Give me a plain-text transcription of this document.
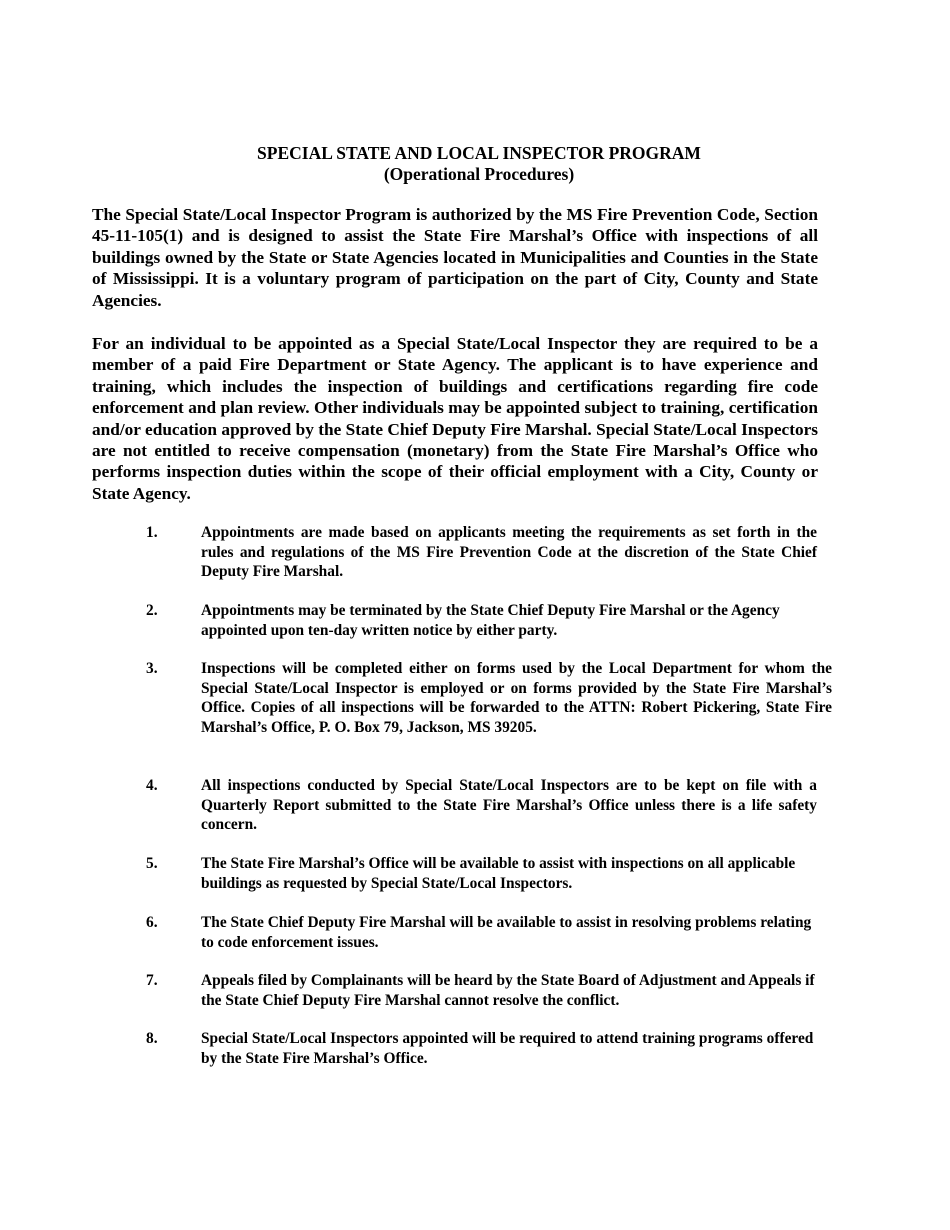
SPECIAL STATE AND LOCAL INSPECTOR PROGRAM
(Operational Procedures)

The Special State/Local Inspector Program is authorized by the MS Fire Prevention Code, Section 45-11-105(1) and is designed to assist the State Fire Marshal’s Office with inspections of all buildings owned by the State or State Agencies located in Municipalities and Counties in the State of Mississippi. It is a voluntary program of participation on the part of City, County and State Agencies.

For an individual to be appointed as a Special State/Local Inspector they are required to be a member of a paid Fire Department or State Agency. The applicant is to have experience and training, which includes the inspection of buildings and certifications regarding fire code enforcement and plan review. Other individuals may be appointed subject to training, certification and/or education approved by the State Chief Deputy Fire Marshal. Special State/Local Inspectors are not entitled to receive compensation (monetary) from the State Fire Marshal’s Office who performs inspection duties within the scope of their official employment with a City, County or State Agency.

1.	Appointments are made based on applicants meeting the requirements as set forth in the rules and regulations of the MS Fire Prevention Code at the discretion of the State Chief Deputy Fire Marshal.
2.	Appointments may be terminated by the State Chief Deputy Fire Marshal or the Agency appointed upon ten-day written notice by either party.
3.	Inspections will be completed either on forms used by the Local Department for whom the Special State/Local Inspector is employed or on forms provided by the State Fire Marshal’s Office. Copies of all inspections will be forwarded to the ATTN: Robert Pickering, State Fire Marshal’s Office, P. O. Box 79, Jackson, MS 39205.
4.	All inspections conducted by Special State/Local Inspectors are to be kept on file with a Quarterly Report submitted to the State Fire Marshal’s Office unless there is a life safety concern.
5.	The State Fire Marshal’s Office will be available to assist with inspections on all applicable buildings as requested by Special State/Local Inspectors.
6.	The State Chief Deputy Fire Marshal will be available to assist in resolving problems relating to code enforcement issues.
7.	Appeals filed by Complainants will be heard by the State Board of Adjustment and Appeals if the State Chief Deputy Fire Marshal cannot resolve the conflict.
8.	Special State/Local Inspectors appointed will be required to attend training programs offered by the State Fire Marshal’s Office.
